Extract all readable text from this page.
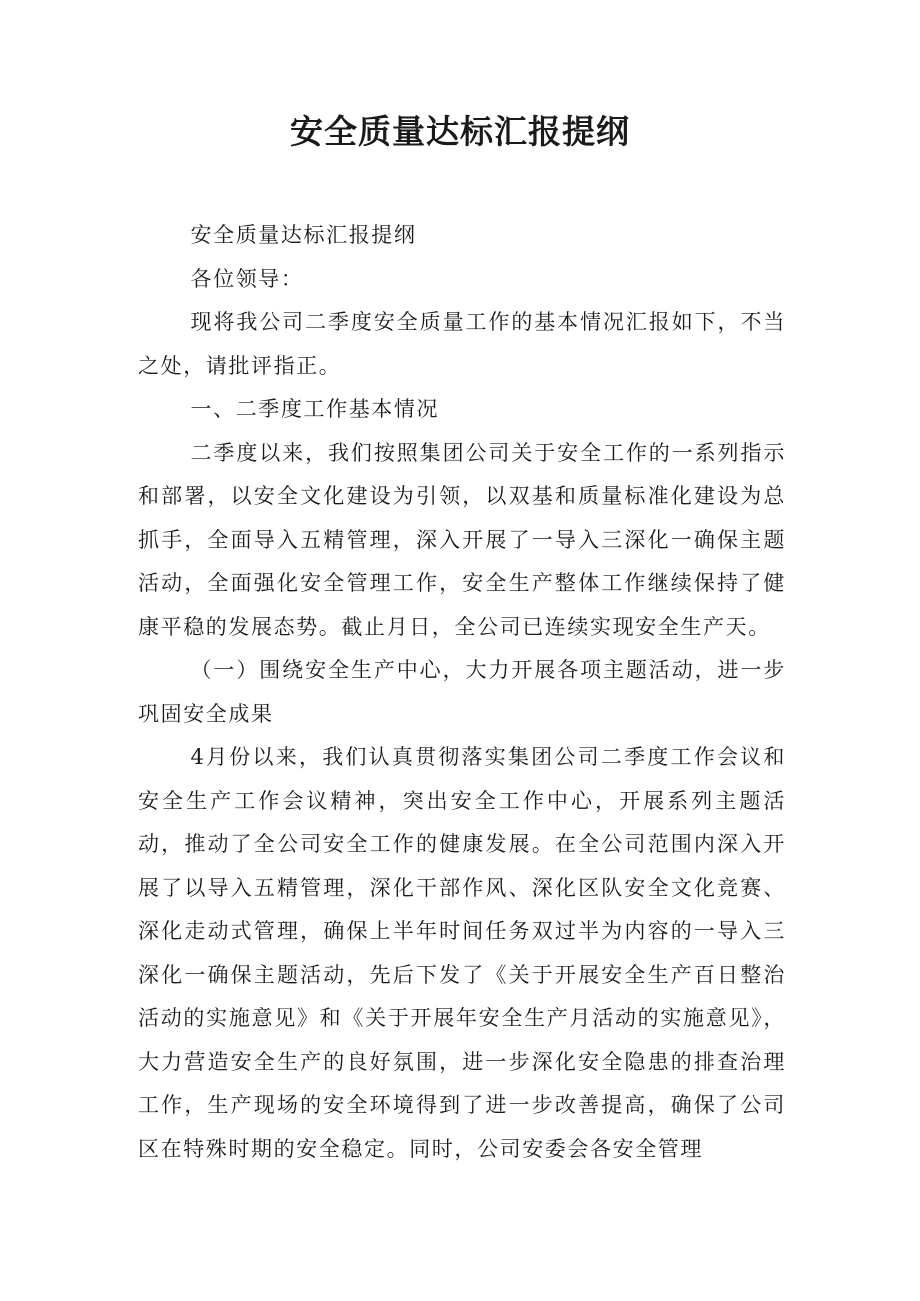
安全质量达标汇报提纲

安全质量达标汇报提纲

各位领导：

现将我公司二季度安全质量工作的基本情况汇报如下，不当之处，请批评指正。

一、二季度工作基本情况

二季度以来，我们按照集团公司关于安全工作的一系列指示和部署，以安全文化建设为引领，以双基和质量标准化建设为总抓手，全面导入五精管理，深入开展了一导入三深化一确保主题活动，全面强化安全管理工作，安全生产整体工作继续保持了健康平稳的发展态势。截止月日，全公司已连续实现安全生产天。

（一）围绕安全生产中心，大力开展各项主题活动，进一步巩固安全成果

4月份以来，我们认真贯彻落实集团公司二季度工作会议和安全生产工作会议精神，突出安全工作中心，开展系列主题活动，推动了全公司安全工作的健康发展。在全公司范围内深入开展了以导入五精管理，深化干部作风、深化区队安全文化竞赛、深化走动式管理，确保上半年时间任务双过半为内容的一导入三深化一确保主题活动，先后下发了《关于开展安全生产百日整治活动的实施意见》和《关于开展年安全生产月活动的实施意见》，大力营造安全生产的良好氛围，进一步深化安全隐患的排查治理工作，生产现场的安全环境得到了进一步改善提高，确保了公司区在特殊时期的安全稳定。同时，公司安委会各安全管理
